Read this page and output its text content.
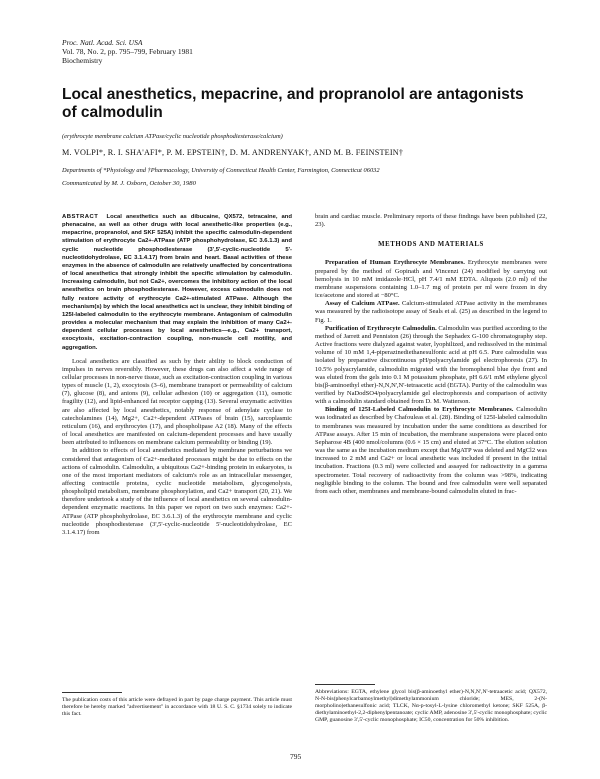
Proc. Natl. Acad. Sci. USA
Vol. 78, No. 2, pp. 795–799, February 1981
Biochemistry
Local anesthetics, mepacrine, and propranolol are antagonists of calmodulin
(erythrocyte membrane calcium ATPase/cyclic nucleotide phosphodiesterase/calcium)
M. VOLPI*, R. I. SHA'AFI*, P. M. EPSTEIN†, D. M. ANDRENYAK†, AND M. B. FEINSTEIN†
Departments of *Physiology and †Pharmacology, University of Connecticut Health Center, Farmington, Connecticut 06032
Communicated by M. J. Osborn, October 30, 1980

ABSTRACT Local anesthetics such as dibucaine, QX572, tetracaine, and phenacaine, as well as other drugs with local anesthetic-like properties (e.g., mepacrine, propranolol, and SKF 525A) inhibit the specific calmodulin-dependent stimulation of erythrocyte Ca2+-ATPase (ATP phosphohydrolase, EC 3.6.1.3) and cyclic nucleotide phosphodiesterase (3',5'-cyclic-nucleotide 5'-nucleotidohydrolase, EC 3.1.4.17) from brain and heart. Basal activities of these enzymes in the absence of calmodulin are relatively unaffected by concentrations of local anesthetics that strongly inhibit the specific stimulation by calmodulin. Increasing calmodulin, but not Ca2+, overcomes the inhibitory action of the local anesthetics on brain phosphodiesterase. However, excess calmodulin does not fully restore activity of erythrocyte Ca2+-stimulated ATPase. Although the mechanism(s) by which the local anesthetics act is unclear, they inhibit binding of 125I-labeled calmodulin to the erythrocyte membrane. Antagonism of calmodulin provides a molecular mechanism that may explain the inhibition of many Ca2+-dependent cellular processes by local anesthetics—e.g., Ca2+ transport, exocytosis, excitation-contraction coupling, non-muscle cell motility, and aggregation.

Local anesthetics are classified as such by their ability to block conduction of impulses in nerves reversibly. However, these drugs can also affect a wide range of cellular processes in non-nerve tissue, such as excitation-contraction coupling in various types of muscle (1, 2), exocytosis (3–6), membrane transport or permeability of calcium (7), glucose (8), and anions (9), cellular adhesion (10) or aggregation (11), osmotic fragility (12), and lipid-enhanced fat receptor capping (13). Several enzymatic activities are also affected by local anesthetics, notably response of adenylate cyclase to catecholamines (14), Mg2+, Ca2+-dependent ATPases of brain (15), sarcoplasmic reticulum (16), and erythrocytes (17), and phospholipase A2 (18). Many of the effects of local anesthetics are manifested on calcium-dependent processes and have usually been attributed to influences on membrane calcium permeability or binding (19).

In addition to effects of local anesthetics mediated by membrane perturbations we considered that antagonism of Ca2+-mediated processes might be due to effects on the actions of calmodulin. Calmodulin, a ubiquitous Ca2+-binding protein in eukaryotes, is one of the most important mediators of calcium's role as an intracellular messenger, affecting contractile proteins, cyclic nucleotide metabolism, glycogenolysis, phospholipid metabolism, membrane phosphorylation, and Ca2+ transport (20, 21). We therefore undertook a study of the influence of local anesthetics on several calmodulin-dependent enzymatic reactions. In this paper we report on two such enzymes: Ca2+-ATPase (ATP phosphohydrolase, EC 3.6.1.3) of the erythrocyte membrane and cyclic nucleotide phosphodiesterase (3',5'-cyclic-nucleotide 5'-nucleotidohydrolase, EC 3.1.4.17) from

The publication costs of this article were defrayed in part by page charge payment. This article must therefore be hereby marked "advertisement" in accordance with 18 U. S. C. §1734 solely to indicate this fact.

brain and cardiac muscle. Preliminary reports of these findings have been published (22, 23).

METHODS AND MATERIALS

Preparation of Human Erythrocyte Membranes. Erythrocyte membranes were prepared by the method of Gopinath and Vincenzi (24) modified by carrying out hemolysis in 10 mM imidazole·HCl, pH 7.4/1 mM EDTA. Aliquots (2.0 ml) of the membrane suspensions containing 1.0–1.7 mg of protein per ml were frozen in dry ice/acetone and stored at −80°C.

Assay of Calcium ATPase. Calcium-stimulated ATPase activity in the membranes was measured by the radioisotope assay of Seals et al. (25) as described in the legend to Fig. 1.

Purification of Erythrocyte Calmodulin. Calmodulin was purified according to the method of Jarrett and Penniston (26) through the Sephadex G-100 chromatography step. Active fractions were dialyzed against water, lyophilized, and redissolved in the minimal volume of 10 mM 1,4-piperazinediethanesulfonic acid at pH 6.5. Pure calmodulin was isolated by preparative discontinuous pH/polyacrylamide gel electrophoresis (27). In 10.5% polyacrylamide, calmodulin migrated with the bromophenol blue dye front and was eluted from the gels into 0.1 M potassium phosphate, pH 6.6/1 mM ethylene glycol bis(β-aminoethyl ether)-N,N,N',N'-tetraacetic acid (EGTA). Purity of the calmodulin was verified by NaDodSO4/polyacrylamide gel electrophoresis and comparison of activity with a calmodulin standard obtained from D. M. Watterson.

Binding of 125I-Labeled Calmodulin to Erythrocyte Membranes. Calmodulin was iodinated as described by Chafouleas et al. (28). Binding of 125I-labeled calmodulin to membranes was measured by incubation under the same conditions as described for ATPase assays. After 15 min of incubation, the membrane suspensions were placed onto Sepharose 4B (400 nmol/columns (0.6 × 15 cm) and eluted at 37°C. The elution solution was the same as the incubation medium except that MgATP was deleted and MgCl2 was increased to 2 mM and Ca2+ or local anesthetic was included if present in the initial incubation. Fractions (0.3 ml) were collected and assayed for radioactivity in a gamma spectrometer. Total recovery of radioactivity from the column was >98%, indicating negligible binding to the column. The bound and free calmodulin were well separated from each other, membranes and membrane-bound calmodulin eluted in frac-

Abbreviations: EGTA, ethylene glycol bis(β-aminoethyl ether)-N,N,N',N'-tetraacetic acid; QX572, N-N-bis(phenylcarbamoylmethyl)dimethylammonium chloride; MES, 2-(N-morpholino)ethanesulfonic acid; TLCK, Nα-p-tosyl-L-lysine chloromethyl ketone; SKF 525A, β-diethylaminoethyl-2,2-diphenylpentanoate; cyclic AMP, adenosine 3',5'-cyclic monophosphate; cyclic GMP, guanosine 3',5'-cyclic monophosphate; IC50, concentration for 50% inhibition.
795
